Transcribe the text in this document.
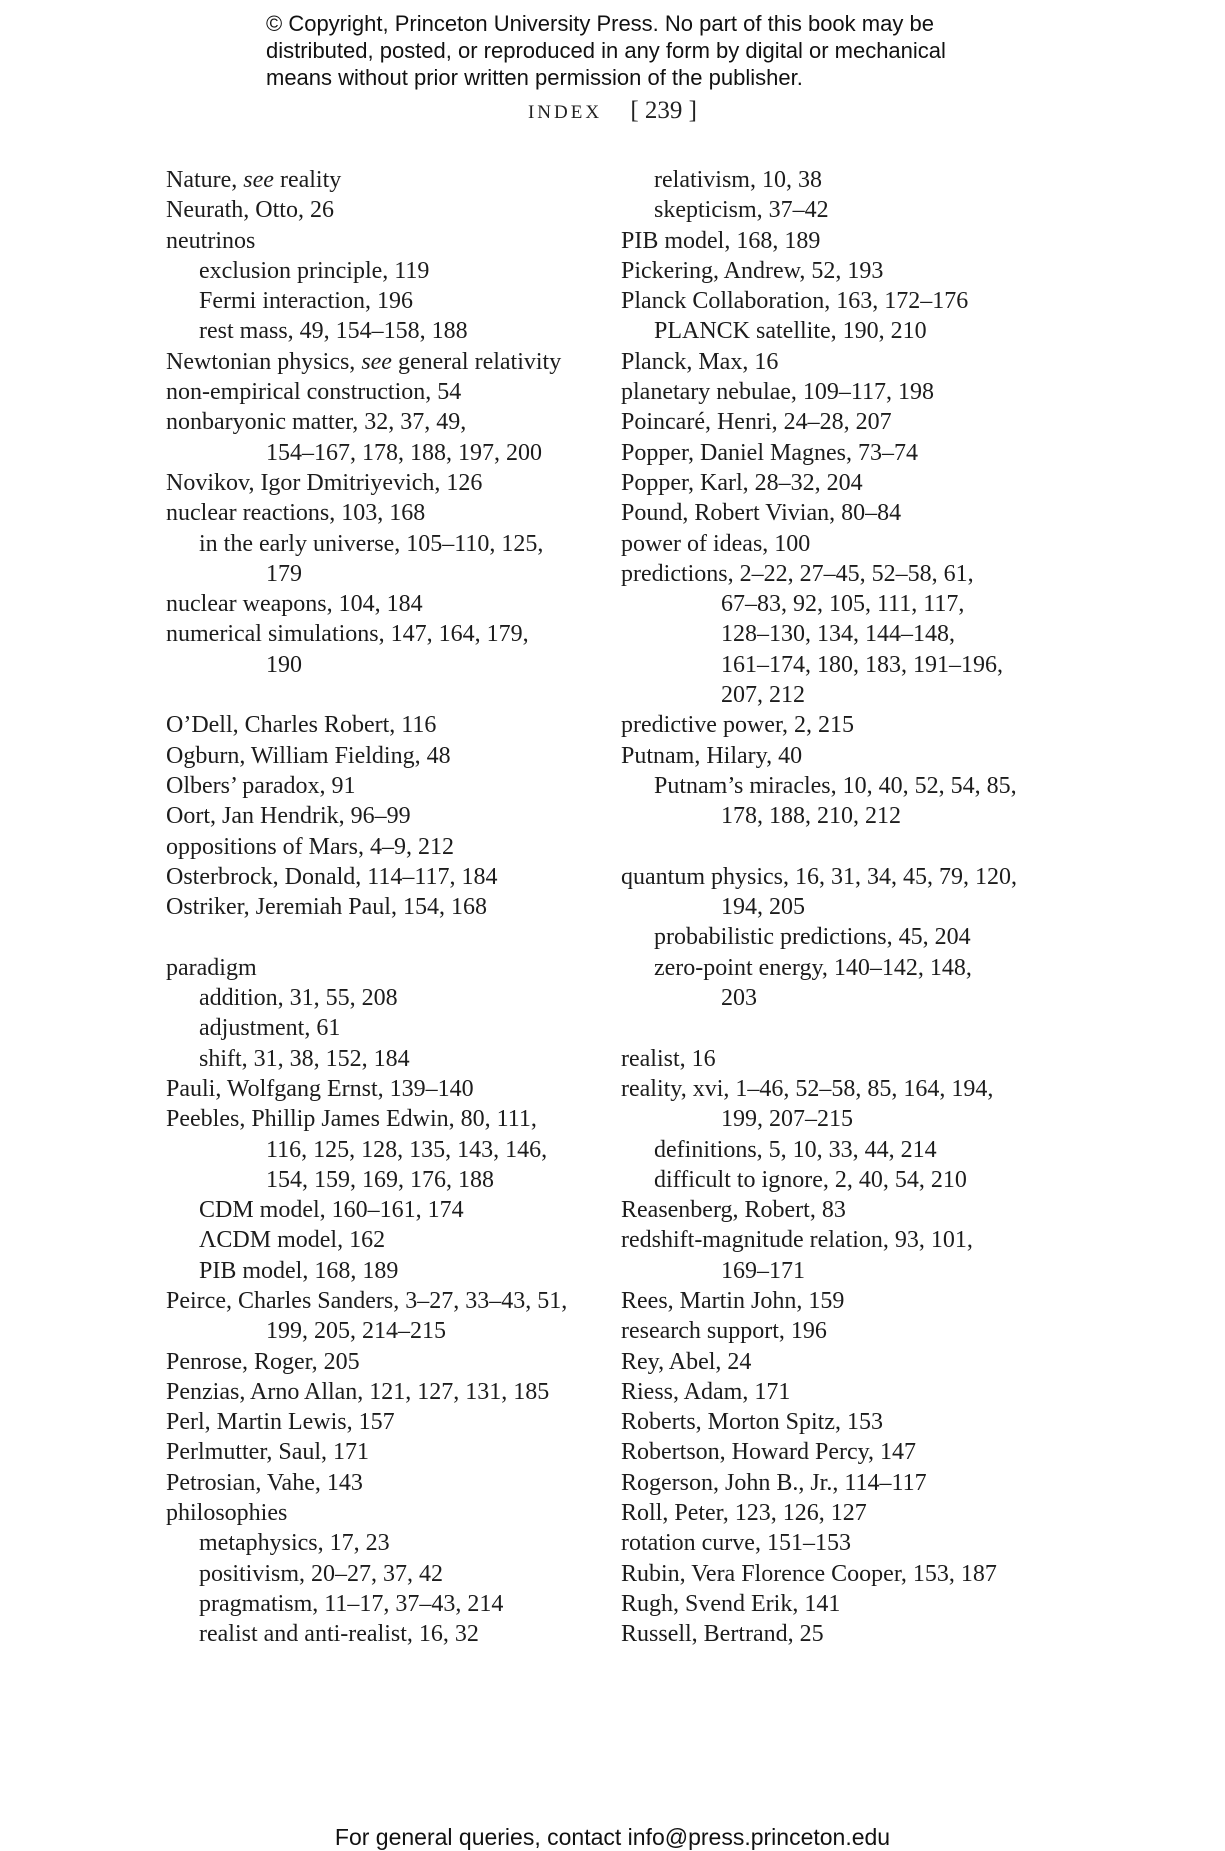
© Copyright, Princeton University Press. No part of this book may be
distributed, posted, or reproduced in any form by digital or mechanical
means without prior written permission of the publisher.
INDEX [ 239 ]
Nature, see reality
Neurath, Otto, 26
neutrinos
exclusion principle, 119
Fermi interaction, 196
rest mass, 49, 154–158, 188
Newtonian physics, see general relativity
non-empirical construction, 54
nonbaryonic matter, 32, 37, 49,
154–167, 178, 188, 197, 200
Novikov, Igor Dmitriyevich, 126
nuclear reactions, 103, 168
in the early universe, 105–110, 125,
179
nuclear weapons, 104, 184
numerical simulations, 147, 164, 179,
190
O’Dell, Charles Robert, 116
Ogburn, William Fielding, 48
Olbers’ paradox, 91
Oort, Jan Hendrik, 96–99
oppositions of Mars, 4–9, 212
Osterbrock, Donald, 114–117, 184
Ostriker, Jeremiah Paul, 154, 168
paradigm
addition, 31, 55, 208
adjustment, 61
shift, 31, 38, 152, 184
Pauli, Wolfgang Ernst, 139–140
Peebles, Phillip James Edwin, 80, 111,
116, 125, 128, 135, 143, 146,
154, 159, 169, 176, 188
CDM model, 160–161, 174
ΛCDM model, 162
PIB model, 168, 189
Peirce, Charles Sanders, 3–27, 33–43, 51,
199, 205, 214–215
Penrose, Roger, 205
Penzias, Arno Allan, 121, 127, 131, 185
Perl, Martin Lewis, 157
Perlmutter, Saul, 171
Petrosian, Vahe, 143
philosophies
metaphysics, 17, 23
positivism, 20–27, 37, 42
pragmatism, 11–17, 37–43, 214
realist and anti-realist, 16, 32
relativism, 10, 38
skepticism, 37–42
PIB model, 168, 189
Pickering, Andrew, 52, 193
Planck Collaboration, 163, 172–176
PLANCK satellite, 190, 210
Planck, Max, 16
planetary nebulae, 109–117, 198
Poincaré, Henri, 24–28, 207
Popper, Daniel Magnes, 73–74
Popper, Karl, 28–32, 204
Pound, Robert Vivian, 80–84
power of ideas, 100
predictions, 2–22, 27–45, 52–58, 61,
67–83, 92, 105, 111, 117,
128–130, 134, 144–148,
161–174, 180, 183, 191–196,
207, 212
predictive power, 2, 215
Putnam, Hilary, 40
Putnam’s miracles, 10, 40, 52, 54, 85,
178, 188, 210, 212
quantum physics, 16, 31, 34, 45, 79, 120,
194, 205
probabilistic predictions, 45, 204
zero-point energy, 140–142, 148,
203
realist, 16
reality, xvi, 1–46, 52–58, 85, 164, 194,
199, 207–215
definitions, 5, 10, 33, 44, 214
difficult to ignore, 2, 40, 54, 210
Reasenberg, Robert, 83
redshift-magnitude relation, 93, 101,
169–171
Rees, Martin John, 159
research support, 196
Rey, Abel, 24
Riess, Adam, 171
Roberts, Morton Spitz, 153
Robertson, Howard Percy, 147
Rogerson, John B., Jr., 114–117
Roll, Peter, 123, 126, 127
rotation curve, 151–153
Rubin, Vera Florence Cooper, 153, 187
Rugh, Svend Erik, 141
Russell, Bertrand, 25
For general queries, contact info@press.princeton.edu
